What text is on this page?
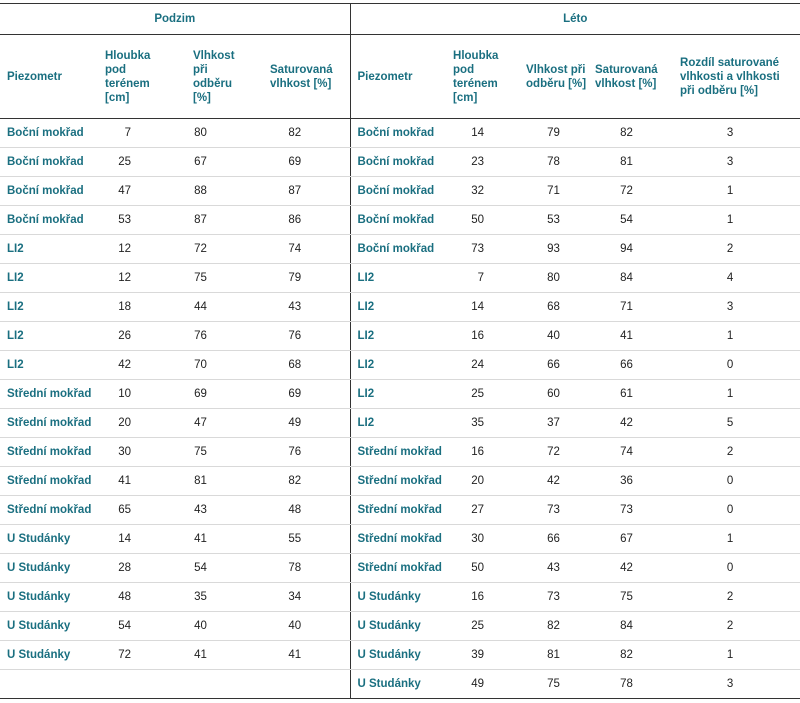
Podzim				Léto				
Piezometr	Hloubka pod terénem [cm]	Vlhkost při odběru [%]	Saturovaná vlhkost [%]	Piezometr	Hloubka pod terénem [cm]	Vlhkost při odběru [%]	Saturovaná vlhkost [%]	Rozdíl saturované vlhkosti a vlhkosti při odběru [%]
Boční mokřad	7	80	82	Boční mokřad	14	79	82	3
Boční mokřad	25	67	69	Boční mokřad	23	78	81	3
Boční mokřad	47	88	87	Boční mokřad	32	71	72	1
Boční mokřad	53	87	86	Boční mokřad	50	53	54	1
LI2	12	72	74	Boční mokřad	73	93	94	2
LI2	12	75	79	LI2	7	80	84	4
LI2	18	44	43	LI2	14	68	71	3
LI2	26	76	76	LI2	16	40	41	1
LI2	42	70	68	LI2	24	66	66	0
Střední mokřad	10	69	69	LI2	25	60	61	1
Střední mokřad	20	47	49	LI2	35	37	42	5
Střední mokřad	30	75	76	Střední mokřad	16	72	74	2
Střední mokřad	41	81	82	Střední mokřad	20	42	36	0
Střední mokřad	65	43	48	Střední mokřad	27	73	73	0
U Studánky	14	41	55	Střední mokřad	30	66	67	1
U Studánky	28	54	78	Střední mokřad	50	43	42	0
U Studánky	48	35	34	U Studánky	16	73	75	2
U Studánky	54	40	40	U Studánky	25	82	84	2
U Studánky	72	41	41	U Studánky	39	81	82	1
				U Studánky	49	75	78	3
